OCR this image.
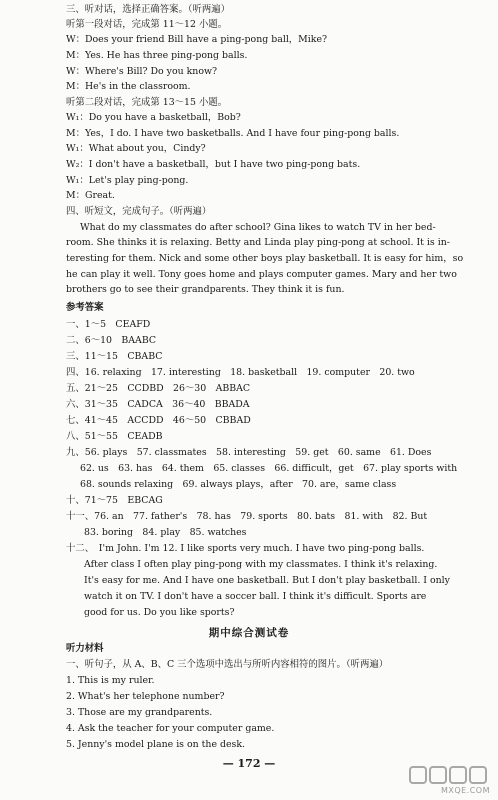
三、听对话，选择正确答案。（听两遍）
听第一段对话，完成第 11～12 小题。
W：Does your friend Bill have a ping-pong ball，Mike?
M：Yes. He has three ping-pong balls.
W：Where's Bill? Do you know?
M：He's in the classroom.
听第二段对话，完成第 13～15 小题。
W₁：Do you have a basketball，Bob?
M：Yes，I do. I have two basketballs. And I have four ping-pong balls.
W₁：What about you，Cindy?
W₂：I don't have a basketball，but I have two ping-pong bats.
W₁：Let's play ping-pong.
M：Great.
四、听短文，完成句子。（听两遍）
What do my classmates do after school? Gina likes to watch TV in her bed-
room. She thinks it is relaxing. Betty and Linda play ping-pong at school. It is in-
teresting for them. Nick and some other boys play basketball. It is easy for him，so
he can play it well. Tony goes home and plays computer games. Mary and her two
brothers go to see their grandparents. They think it is fun.
参考答案
一、1～5　CEAFD
二、6～10　BAABC
三、11～15　CBABC
四、16. relaxing　17. interesting　18. basketball　19. computer　20. two
五、21～25　CCDBD　26～30　ABBAC
六、31～35　CADCA　36～40　BBADA
七、41～45　ACCDD　46～50　CBBAD
八、51～55　CEADB
九、56. plays　57. classmates　58. interesting　59. get　60. same　61. Does
62. us　63. has　64. them　65. classes　66. difficult，get　67. play sports with
68. sounds relaxing　69. always plays，after　70. are，same class
十、71～75　EBCAG
十一、76. an　77. father's　78. has　79. sports　80. bats　81. with　82. But
83. boring　84. play　85. watches
十二、　I'm John. I'm 12. I like sports very much. I have two ping-pong balls.
After class I often play ping-pong with my classmates. I think it's relaxing.
It's easy for me. And I have one basketball. But I don't play basketball. I only
watch it on TV. I don't have a soccer ball. I think it's difficult. Sports are
good for us. Do you like sports?
听力材料
一、听句子，从 A、B、C 三个选项中选出与所听内容相符的图片。（听两遍）
1. This is my ruler.
2. What's her telephone number?
3. Those are my grandparents.
4. Ask the teacher for your computer game.
5. Jenny's model plane is on the desk.
期中综合测试卷
— 172 —
MXQE.COM
